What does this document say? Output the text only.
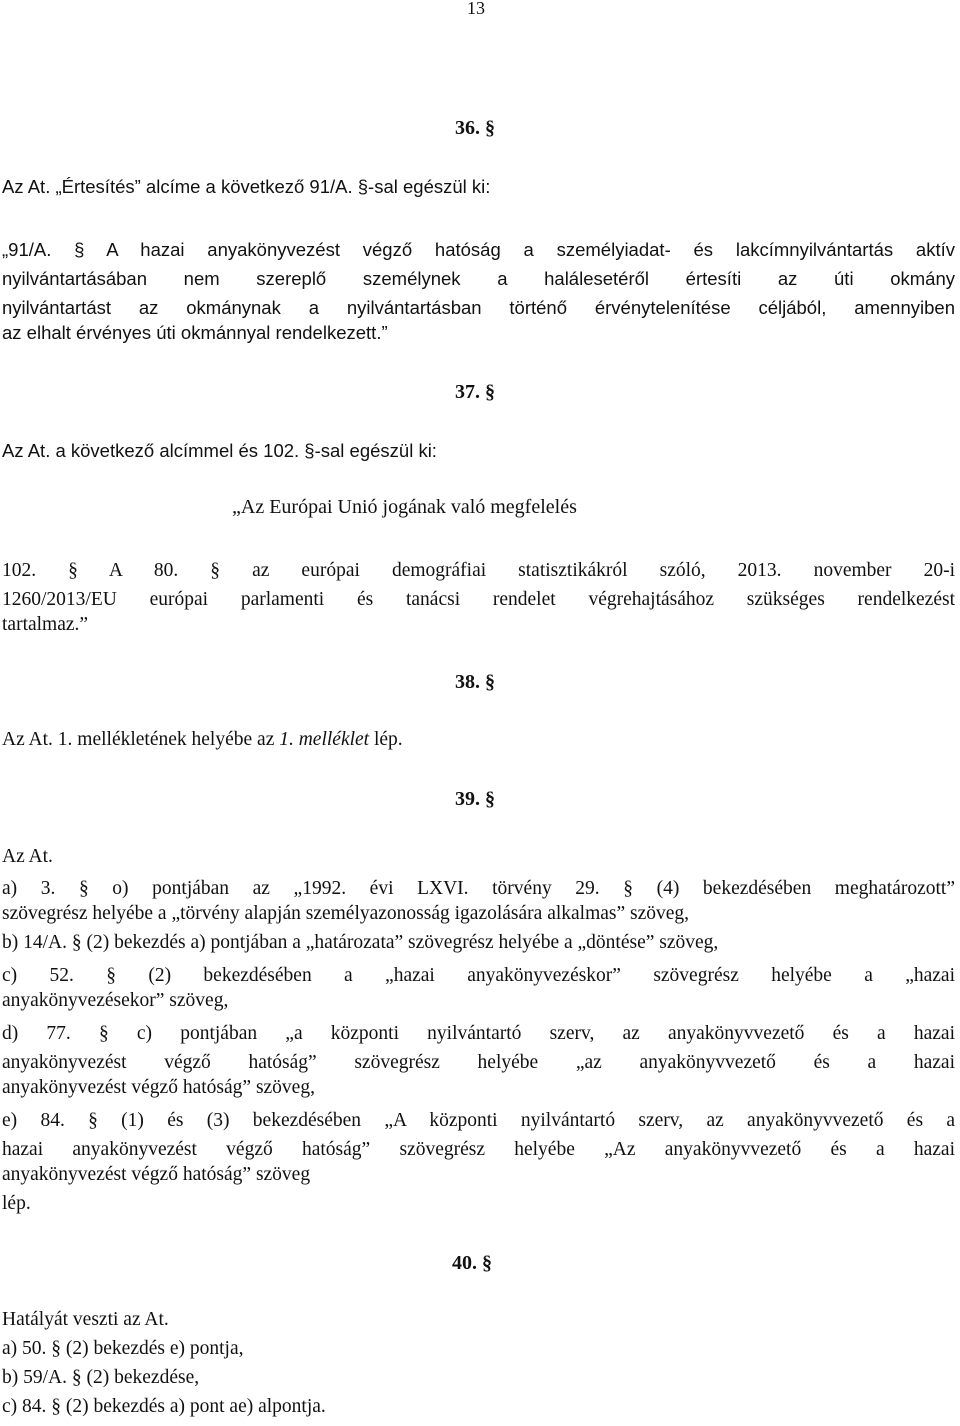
13
36. §
Az At. „Értesítés” alcíme a következő 91/A. §-sal egészül ki:
„91/A. § A hazai anyakönyvezést végző hatóság a személyiadat- és lakcímnyilvántartás aktív
nyilvántartásában nem szereplő személynek a halálesetéről értesíti az úti okmány
nyilvántartást az okmánynak a nyilvántartásban történő érvénytelenítése céljából, amennyiben
az elhalt érvényes úti okmánnyal rendelkezett.”
37. §
Az At. a következő alcímmel és 102. §-sal egészül ki:
„Az Európai Unió jogának való megfelelés
102. § A 80. § az európai demográfiai statisztikákról szóló, 2013. november 20-i
1260/2013/EU európai parlamenti és tanácsi rendelet végrehajtásához szükséges rendelkezést
tartalmaz.”
38. §
Az At. 1. mellékletének helyébe az 1. melléklet lép.
39. §
Az At.
a) 3. § o) pontjában az „1992. évi LXVI. törvény 29. § (4) bekezdésében meghatározott”
szövegrész helyébe a „törvény alapján személyazonosság igazolására alkalmas” szöveg,
b) 14/A. § (2) bekezdés a) pontjában a „határozata” szövegrész helyébe a „döntése” szöveg,
c) 52. § (2) bekezdésében a „hazai anyakönyvezéskor” szövegrész helyébe a „hazai
anyakönyvezésekor” szöveg,
d) 77. § c) pontjában „a központi nyilvántartó szerv, az anyakönyvvezető és a hazai
anyakönyvezést végző hatóság” szövegrész helyébe „az anyakönyvvezető és a hazai
anyakönyvezést végző hatóság” szöveg,
e) 84. § (1) és (3) bekezdésében „A központi nyilvántartó szerv, az anyakönyvvezető és a
hazai anyakönyvezést végző hatóság” szövegrész helyébe „Az anyakönyvvezető és a hazai
anyakönyvezést végző hatóság” szöveg
lép.
40. §
Hatályát veszti az At.
a) 50. § (2) bekezdés e) pontja,
b) 59/A. § (2) bekezdése,
c) 84. § (2) bekezdés a) pont ae) alpontja.
